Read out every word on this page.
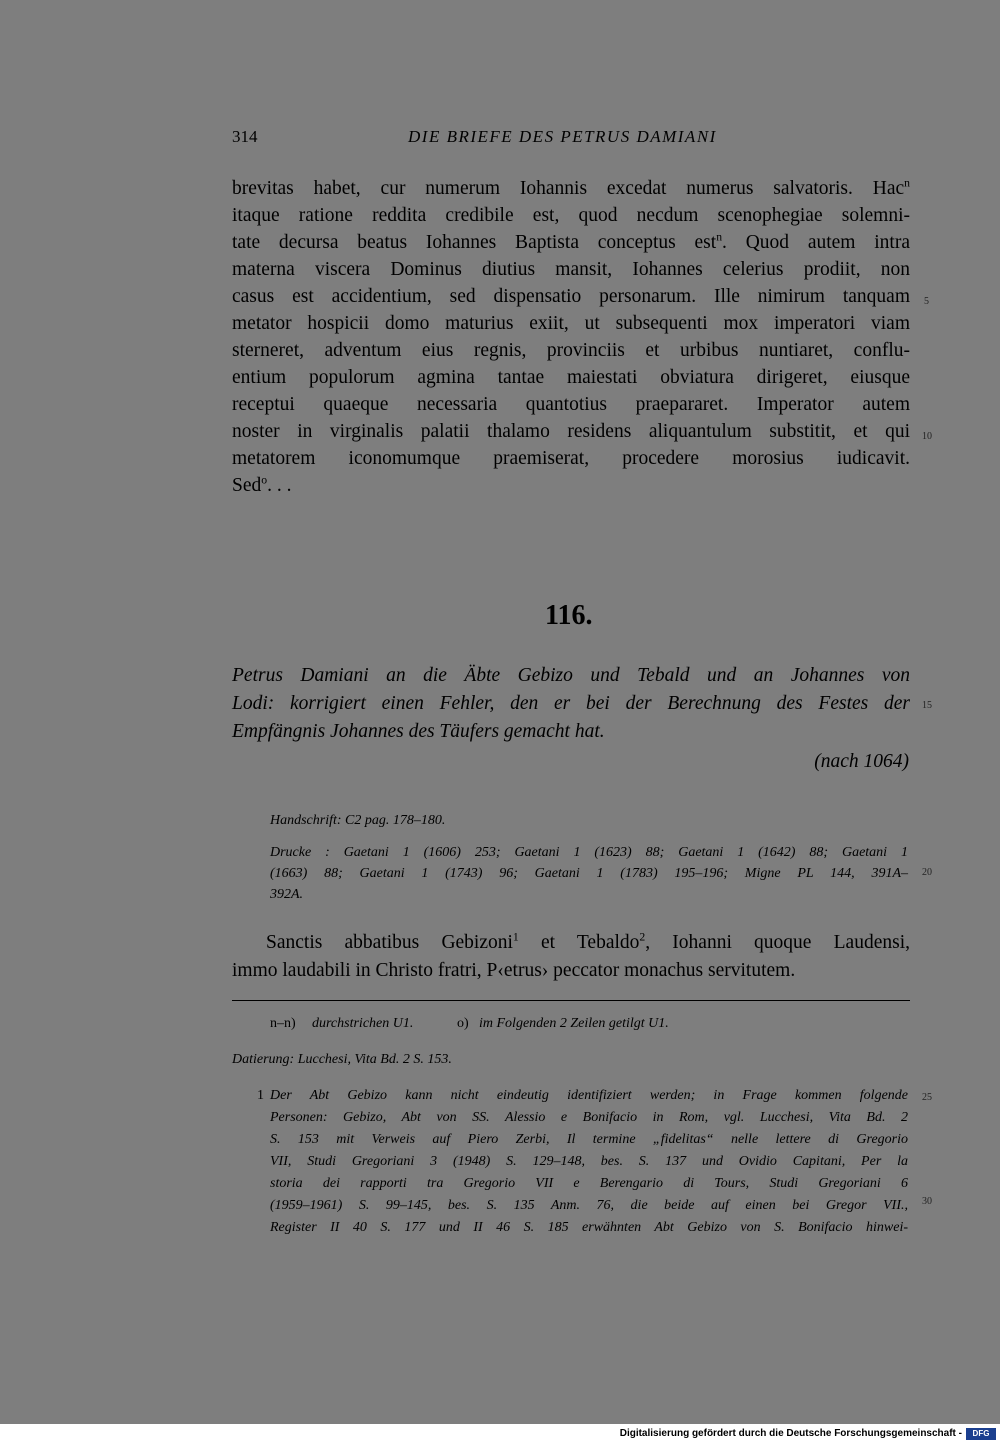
314	DIE BRIEFE DES PETRUS DAMIANI
brevitas habet, cur numerum Iohannis excedat numerus salvatoris. Hac$^n$
itaque ratione reddita credibile est, quod necdum scenophegiae solemni-
tate decursa beatus Iohannes Baptista conceptus est$^n$. Quod autem intra
materna viscera Dominus diutius mansit, Iohannes celerius prodiit, non
casus est accidentium, sed dispensatio personarum. Ille nimirum tanquam
metator hospicii domo maturius exiit, ut subsequenti mox imperatori viam
sterneret, adventum eius regnis, provinciis et urbibus nuntiaret, conflu-
entium populorum agmina tantae maiestati obviatura dirigeret, eiusque
receptui quaeque necessaria quantotius praepararet. Imperator autem
noster in virginalis palatii thalamo residens aliquantulum substitit, et qui
metatorem iconomumque praemiserat, procedere morosius iudicavit.
Sed$^o$. . .
5
10
15
20
25
30
116.
Petrus Damiani an die Äbte Gebizo und Tebald und an Johannes von
Lodi: korrigiert einen Fehler, den er bei der Berechnung des Festes der
Empfängnis Johannes des Täufers gemacht hat.
(nach 1064)
Handschrift: C2 pag. 178–180.
Drucke : Gaetani 1 (1606) 253; Gaetani 1 (1623) 88; Gaetani 1 (1642) 88; Gaetani 1
(1663) 88; Gaetani 1 (1743) 96; Gaetani 1 (1783) 195–196; Migne PL 144, 391A–
392A.
Sanctis abbatibus Gebizoni$^1$ et Tebaldo$^2$, Iohanni quoque Laudensi,
immo laudabili in Christo fratri, P‹etrus› peccator monachus servitutem.
n–n) durchstrichen U1.	o) im Folgenden 2 Zeilen getilgt U1.
Datierung: Lucchesi, Vita Bd. 2 S. 153.
1 Der Abt Gebizo kann nicht eindeutig identifiziert werden; in Frage kommen folgende
Personen: Gebizo, Abt von SS. Alessio e Bonifacio in Rom, vgl. Lucchesi, Vita Bd. 2
S. 153 mit Verweis auf Piero Zerbi, Il termine „fidelitas“ nelle lettere di Gregorio
VII, Studi Gregoriani 3 (1948) S. 129–148, bes. S. 137 und Ovidio Capitani, Per la
storia dei rapporti tra Gregorio VII e Berengario di Tours, Studi Gregoriani 6
(1959–1961) S. 99–145, bes. S. 135 Anm. 76, die beide auf einen bei Gregor VII.,
Register II 40 S. 177 und II 46 S. 185 erwähnten Abt Gebizo von S. Bonifacio hinwei-
Digitalisierung gefördert durch die Deutsche Forschungsgemeinschaft -	DFG
